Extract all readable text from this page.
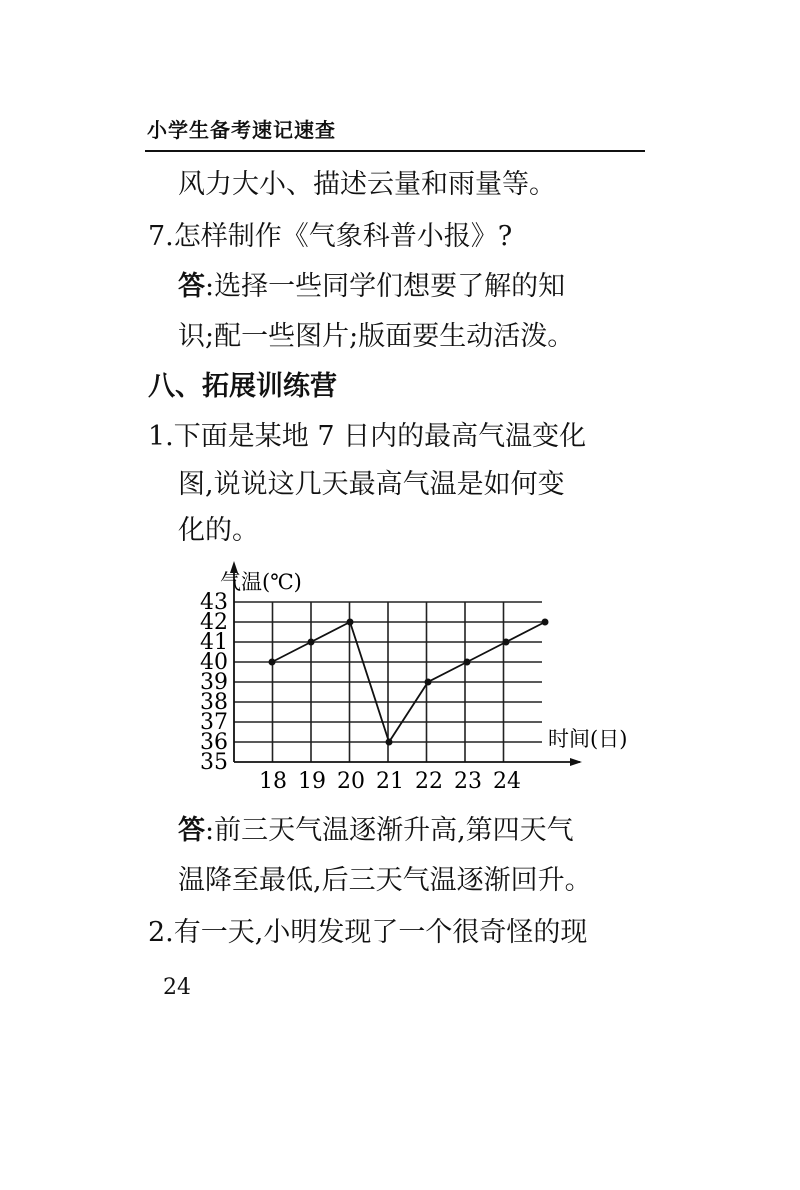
小学生备考速记速查
风力大小、描述云量和雨量等。
7.怎样制作《气象科普小报》?
答:选择一些同学们想要了解的知
识;配一些图片;版面要生动活泼。
八、拓展训练营
1.下面是某地 7 日内的最高气温变化
图,说说这几天最高气温是如何变
化的。
35
36
37
38
39
40
41
42
43
18 19 20 21 22 23 24
气温(℃)
时间(日)
答:前三天气温逐渐升高,第四天气
温降至最低,后三天气温逐渐回升。
2.有一天,小明发现了一个很奇怪的现
24
